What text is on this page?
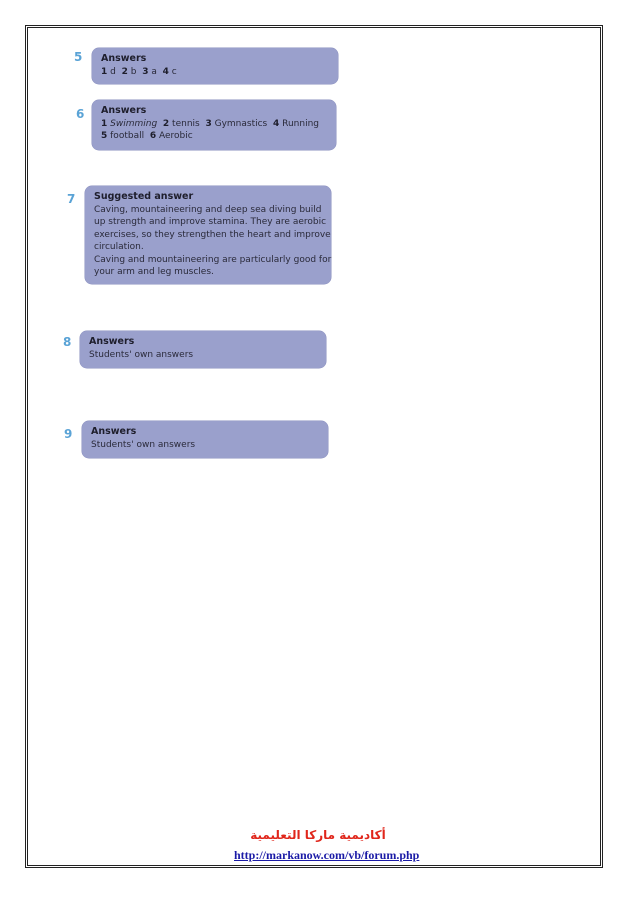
5 Answers
1 d 2 b 3 a 4 c
6 Answers
1 Swimming 2 tennis 3 Gymnastics 4 Running
5 football 6 Aerobic
7 Suggested answer
Caving, mountaineering and deep sea diving build
up strength and improve stamina. They are aerobic
exercises, so they strengthen the heart and improve
circulation.
Caving and mountaineering are particularly good for
your arm and leg muscles.
8 Answers
Students' own answers
9 Answers
Students' own answers
أكاديمية ماركا التعليمية
http://markanow.com/vb/forum.php
